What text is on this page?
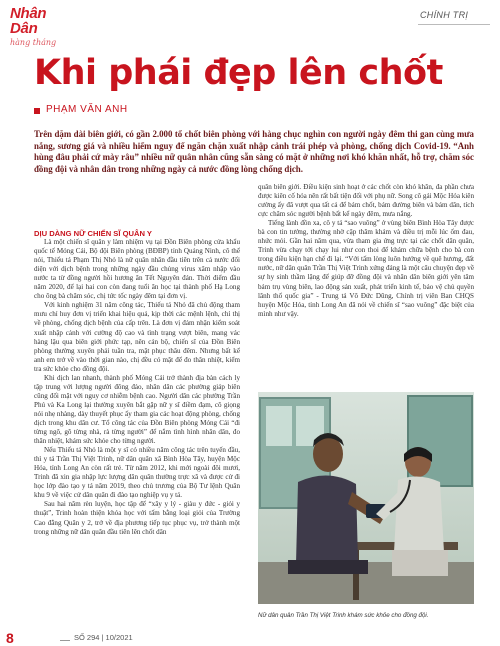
Nhân Dân
hàng tháng
CHÍNH TRỊ
Khi phái đẹp lên chốt
PHẠM VĂN ANH
Trên dặm dài biên giới, có gần 2.000 tổ chốt biên phòng với hàng chục nghìn con người ngày đêm thi gan cùng mưa nắng, sương giá và nhiều hiểm nguy để ngăn chặn xuất nhập cảnh trái phép và phòng, chống dịch Covid-19. “Anh hùng đâu phải cứ mày râu” nhiều nữ quân nhân cũng sẵn sàng có mặt ở những nơi khó khăn nhất, hỗ trợ, chăm sóc đồng đội và nhân dân trong những ngày cả nước đồng lòng chống dịch.

DỊU DÀNG NỮ CHIẾN SĨ QUÂN Y

Là một chiến sĩ quân y làm nhiệm vụ tại Đồn Biên phòng cửa khẩu quốc tế Móng Cái, Bộ đội Biên phòng (BĐBP) tỉnh Quảng Ninh, cô thế nói, Thiếu tá Phạm Thị Nhỏ là nữ quân nhân đầu tiên trên cả nước đối diện với dịch bệnh trong những ngày đầu chủng virus xâm nhập vào nước ta từ đồng người hồi hương ăn Tết Nguyên đán. Thời điểm đầu năm 2020, để lại hai con còn đang tuổi ăn học tại thành phố Hạ Long cho ông bà chăm sóc, chị tức tốc ngày đêm tại đơn vị.

Với kinh nghiệm 31 năm công tác, Thiếu tá Nhỏ đã chủ động tham mưu chỉ huy đơn vị triển khai hiệu quả, kịp thời các mệnh lệnh, chỉ thị về phòng, chống dịch bệnh của cấp trên. Là đơn vị đảm nhận kiểm soát xuất nhập cảnh với cường độ cao và tình trạng vượt biên, mang vác hàng lậu qua biên giới phức tạp, nên cán bộ, chiến sĩ của Đồn Biên phòng thường xuyên phải tuần tra, mật phục thâu đêm. Nhưng bất kể anh em trở về vào thời gian nào, chị đều có mặt để đo thân nhiệt, kiểm tra sức khỏe cho đồng đội.

Khi dịch lan nhanh, thành phố Móng Cái trở thành địa bàn cách ly tập trung với lượng người đông đảo, nhân dân các phường giáp biên cũng đối mặt với nguy cơ nhiễm bệnh cao. Người dân các phường Trần Phú và Ka Long lại thường xuyên bắt gặp nữ y sĩ điềm đạm, cô giọng nói nhẹ nhàng, dày thuyết phục ấy tham gia các hoạt động phòng, chống dịch trong khu dân cư. Tổ công tác của Đồn Biên phòng Móng Cái “đi từng ngõ, gõ từng nhà, rà từng người” để nắm tình hình nhân dân, đo thân nhiệt, khám sức khỏe cho từng người.

Nếu Thiếu tá Nhỏ là một y sĩ có nhiều năm công tác trên tuyến đầu, thì y tá Trần Thị Việt Trinh, nữ dân quân xã Bình Hòa Tây, huyện Mộc Hóa, tỉnh Long An còn rất trẻ. Từ năm 2012, khi mới ngoài đôi mươi, Trinh đã xin gia nhập lực lượng dân quân thường trực xã và được cử đi học lớp đào tạo y tá năm 2019, theo chủ trương của Bộ Tư lệnh Quân khu 9 về việc cử dân quân đi đào tạo nghiệp vụ y tá.

Sau hai năm rèn luyện, học tập để “xây y lý - giàu y đức - giỏi y thuật”, Trinh hoàn thiện khóa học với tấm bằng loại giỏi của Trường Cao đẳng Quân y 2, trở về địa phương tiếp tục phục vụ, trở thành một trong những nữ dân quân đầu tiên lên chốt dân

quân biên giới. Điều kiện sinh hoạt ở các chốt còn khó khăn, đa phần chưa được kiên cố hóa nên rất bất tiện đối với phụ nữ. Song cô gái Mộc Hóa kiên cường ấy đã vượt qua tất cả để bám chốt, bám đường biên và bám dân, tích cực chăm sóc người bệnh bất kể ngày đêm, mưa nắng.

Tiếng lành đồn xa, cô y tá “sao vuông” ở vùng biên Bình Hòa Tây được bà con tin tưởng, thường nhờ cập thăm khám và điều trị mỗi lúc ốm đau, nhức mỏi. Gần hai năm qua, vừa tham gia ứng trực tại các chốt dân quân, Trinh vừa chạy tới chạy lui như con thoi để khám chữa bệnh cho bà con trong điều kiện hạn chế đi lại. “Với tấm lòng luôn hướng về quê hương, đất nước, nữ dân quân Trần Thị Việt Trinh xứng đáng là một câu chuyện đẹp về sự hy sinh thầm lặng để giúp đỡ đồng đội và nhân dân biên giới yên tâm bám trụ vùng biên, lao động sản xuất, phát triển kinh tế, bảo vệ chủ quyền lãnh thổ quốc gia” - Trung tá Võ Đức Dũng, Chính trị viên Ban CHQS huyện Mộc Hóa, tỉnh Long An đã nói về chiến sĩ “sao vuông” đặc biệt của mình như vậy.

Nữ dân quân Trần Thị Việt Trinh khám sức khỏe cho đồng đội.
8	SỐ 294 | 10/2021
